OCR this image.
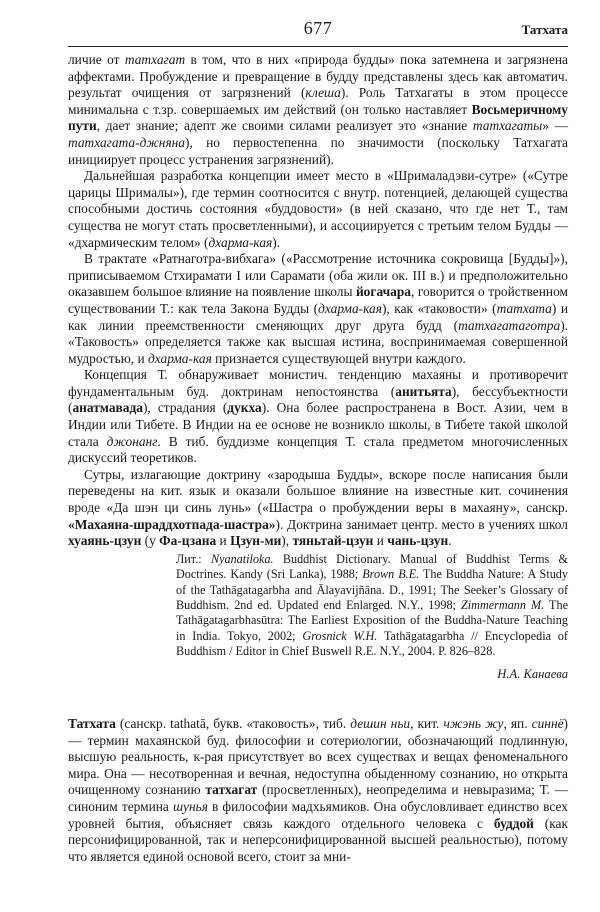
677	Татхата

личие от татхагат в том, что в них «природа будды» пока затемнена и загрязнена аффектами. Пробуждение и превращение в будду представлены здесь как автоматич. результат очищения от загрязнений (клеша). Роль Татхагаты в этом процессе минимальна с т.зр. совершаемых им действий (он только наставляет Восьмеричному пути, дает знание; адепт же своими силами реализует это «знание татхагаты» — татхагата-джняна), но первостепенна по значимости (поскольку Татхагата инициирует процесс устранения загрязнений).

Дальнейшая разработка концепции имеет место в «Шрималадэви-сутре» («Сутре царицы Шрималы»), где термин соотносится с внутр. потенцией, делающей существа способными достичь состояния «буддовости» (в ней сказано, что где нет Т., там существа не могут стать просветленными), и ассоциируется с третьим телом Будды — «дхармическим телом» (дхарма-кая).

В трактате «Ратнаготра-вибхага» («Рассмотрение источника сокровища [Будды]»), приписываемом Стхирамати I или Сарамати (оба жили ок. III в.) и предположительно оказавшем большое влияние на появление школы йогачара, говорится о тройственном существовании Т.: как тела Закона Будды (дхарма-кая), как «таковости» (татхата) и как линии преемственности сменяющих друг друга будд (татхагатаготра). «Таковость» определяется также как высшая истина, воспринимаемая совершенной мудростью, и дхарма-кая признается существующей внутри каждого.

Концепция Т. обнаруживает монистич. тенденцию махаяны и противоречит фундаментальным буд. доктринам непостоянства (анитьята), бессубъектности (анатмавада), страдания (дукха). Она более распространена в Вост. Азии, чем в Индии или Тибете. В Индии на ее основе не возникло школы, в Тибете такой школой стала джонанг. В тиб. буддизме концепция Т. стала предметом многочисленных дискуссий теоретиков.

Сутры, излагающие доктрину «зародыша Будды», вскоре после написания были переведены на кит. язык и оказали большое влияние на известные кит. сочинения вроде «Да шэн ци синь лунь» («Шастра о пробуждении веры в махаяну», санскр. «Махаяна-шраддхотпада-шастра»). Доктрина занимает центр. место в учениях школ хуаянь-цзун (у Фа-цзана и Цзун-ми), тяньтай-цзун и чань-цзун.

Лит.: Nyanatiloka. Buddhist Dictionary. Manual of Buddhist Terms & Doctrines. Kandy (Sri Lanka), 1988; Brown B.E. The Buddha Nature: A Study of the Tathāgatagarbha and Ālayavijñāna. D., 1991; The Seeker’s Glossary of Buddhism. 2nd ed. Updated end Enlarged. N.Y., 1998; Zimmermann M. The Tathāgatagarbhasūtra: The Earliest Exposition of the Buddha-Nature Teaching in India. Tokyo, 2002; Grosnick W.H. Tathāgatagarbha // Encyclopedia of Buddhism / Editor in Chief Buswell R.E. N.Y., 2004. P. 826–828.
Н.А. Канаева

Татхата (санскр. tathatā, букв. «таковость», тиб. дешин ньи, кит. чжэнь жу, яп. синнё) — термин махаянской буд. философии и сотериологии, обозначающий подлинную, высшую реальность, к-рая присутствует во всех существах и вещах феноменального мира. Она — несотворенная и вечная, недоступна обыденному сознанию, но открыта очищенному сознанию татхагат (просветленных), неопределима и невыразима; Т. — синоним термина шунья в философии мадхьямиков. Она обусловливает единство всех уровней бытия, объясняет связь каждого отдельного человека с буддой (как персонифицированной, так и неперсонифицированной высшей реальностью), потому что является единой основой всего, стоит за мни-
